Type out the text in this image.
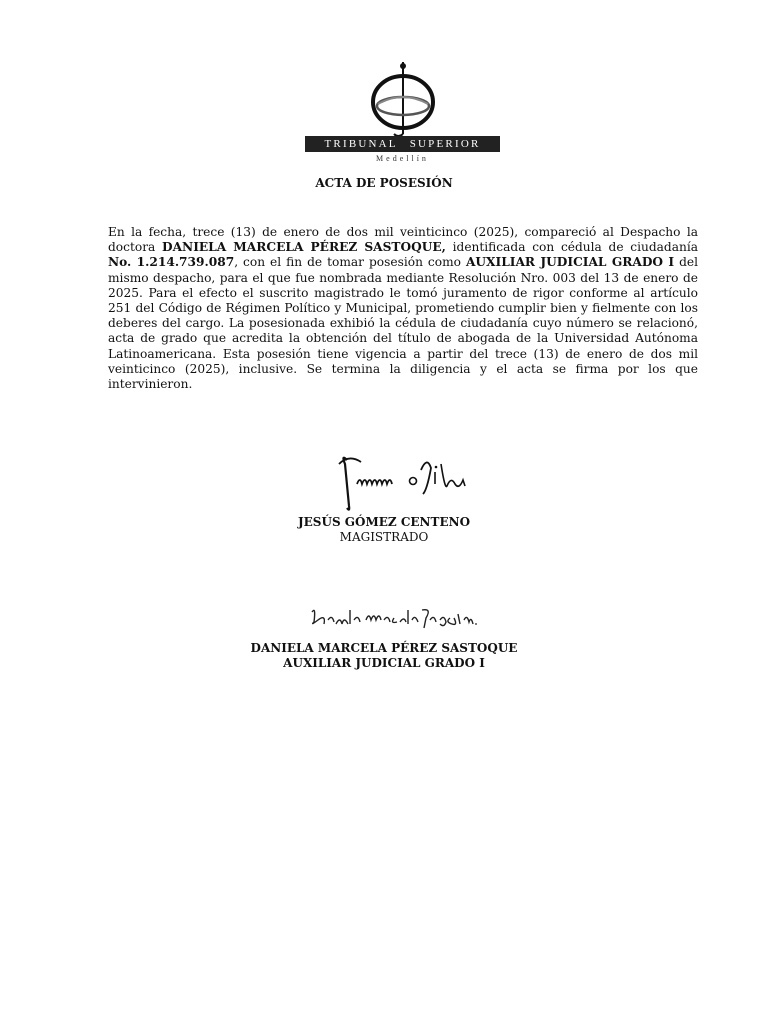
TRIBUNAL SUPERIOR
Medellín
ACTA DE POSESIÓN

En la fecha, trece (13) de enero de dos mil veinticinco (2025), compareció al Despacho la doctora DANIELA MARCELA PÉREZ SASTOQUE, identificada con cédula de ciudadanía No. 1.214.739.087, con el fin de tomar posesión como AUXILIAR JUDICIAL GRADO I del mismo despacho, para el que fue nombrada mediante Resolución Nro. 003 del 13 de enero de 2025. Para el efecto el suscrito magistrado le tomó juramento de rigor conforme al artículo 251 del Código de Régimen Político y Municipal, prometiendo cumplir bien y fielmente con los deberes del cargo. La posesionada exhibió la cédula de ciudadanía cuyo número se relacionó, acta de grado que acredita la obtención del título de abogada de la Universidad Autónoma Latinoamericana. Esta posesión tiene vigencia a partir del trece (13) de enero de dos mil veinticinco (2025), inclusive. Se termina la diligencia y el acta se firma por los que intervinieron.

JESÚS GÓMEZ CENTENO
MAGISTRADO
DANIELA MARCELA PÉREZ SASTOQUE
AUXILIAR JUDICIAL GRADO I
